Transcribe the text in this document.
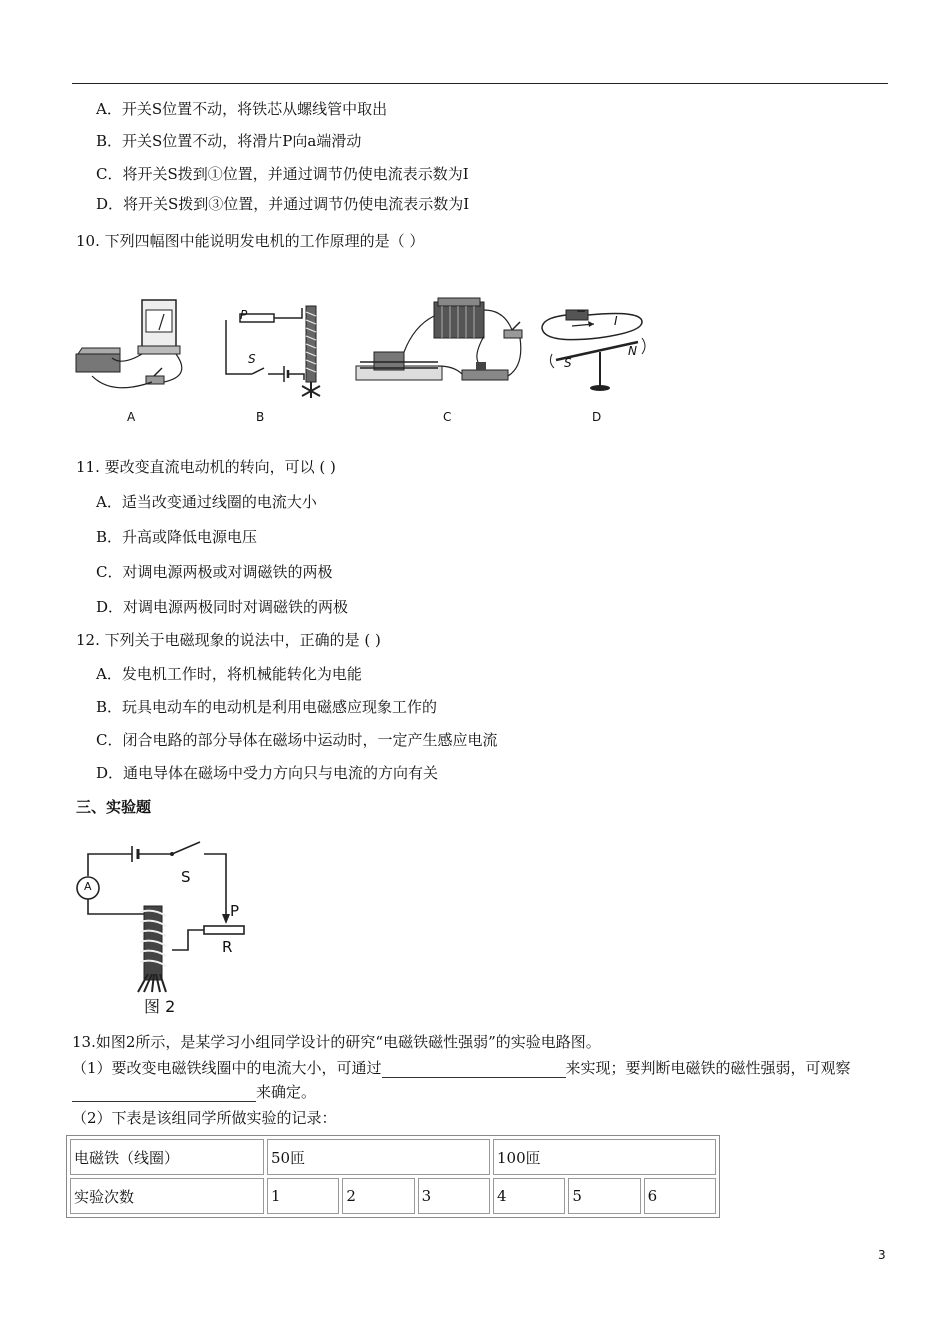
A．开关S位置不动，将铁芯从螺线管中取出
B．开关S位置不动，将滑片P向a端滑动
C．将开关S拨到①位置，并通过调节仍使电流表示数为I
D．将开关S拨到③位置，并通过调节仍使电流表示数为I
10. 下列四幅图中能说明发电机的工作原理的是（ ）
A
P
S
B	C
−
I
S
N
D
11. 要改变直流电动机的转向，可以 ( )
A．适当改变通过线圈的电流大小
B．升高或降低电源电压
C．对调电源两极或对调磁铁的两极
D．对调电源两极同时对调磁铁的两极
12. 下列关于电磁现象的说法中，正确的是 ( )
A．发电机工作时，将机械能转化为电能
B．玩具电动车的电动机是利用电磁感应现象工作的
C．闭合电路的部分导体在磁场中运动时，一定产生感应电流
D．通电导体在磁场中受力方向只与电流的方向有关
三、实验题
A
S
P
R
图 2
13.如图2所示，是某学习小组同学设计的研究“电磁铁磁性强弱”的实验电路图。
（1）要改变电磁铁线圈中的电流大小，可通过	来实现；要判断电磁铁的磁性强弱，可观察
来确定。
（2）下表是该组同学所做实验的记录：
电磁铁（线圈）	50匝			100匝		
实验次数	1	2	3	4	5	6
3
